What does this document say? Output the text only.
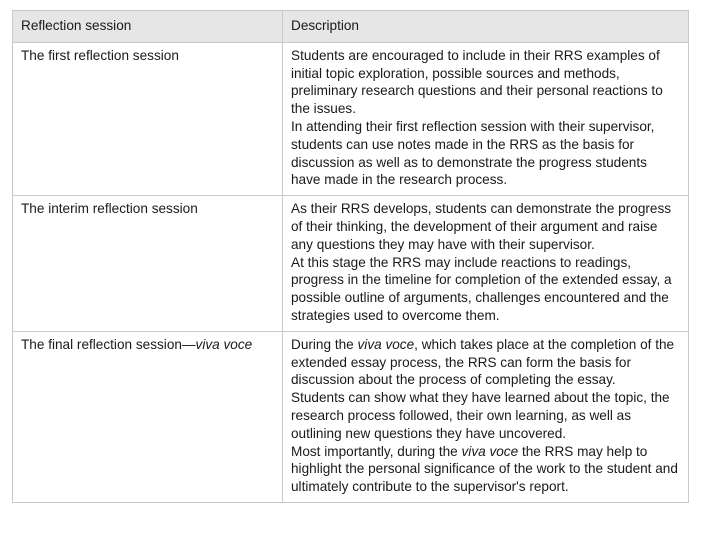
Reflection session	Description
The first reflection session	Students are encouraged to include in their RRS examples of initial topic exploration, possible sources and methods, preliminary research questions and their personal reactions to the issues.
In attending their first reflection session with their supervisor, students can use notes made in the RRS as the basis for discussion as well as to demonstrate the progress students have made in the research process.

The interim reflection session	As their RRS develops, students can demonstrate the progress of their thinking, the development of their argument and raise any questions they may have with their supervisor.
At this stage the RRS may include reactions to readings, progress in the timeline for completion of the extended essay, a possible outline of arguments, challenges encountered and the strategies used to overcome them.

The final reflection session—viva voce	During the viva voce, which takes place at the completion of the extended essay process, the RRS can form the basis for discussion about the process of completing the essay.
Students can show what they have learned about the topic, the research process followed, their own learning, as well as outlining new questions they have uncovered.
Most importantly, during the viva voce the RRS may help to highlight the personal significance of the work to the student and ultimately contribute to the supervisor's report.
